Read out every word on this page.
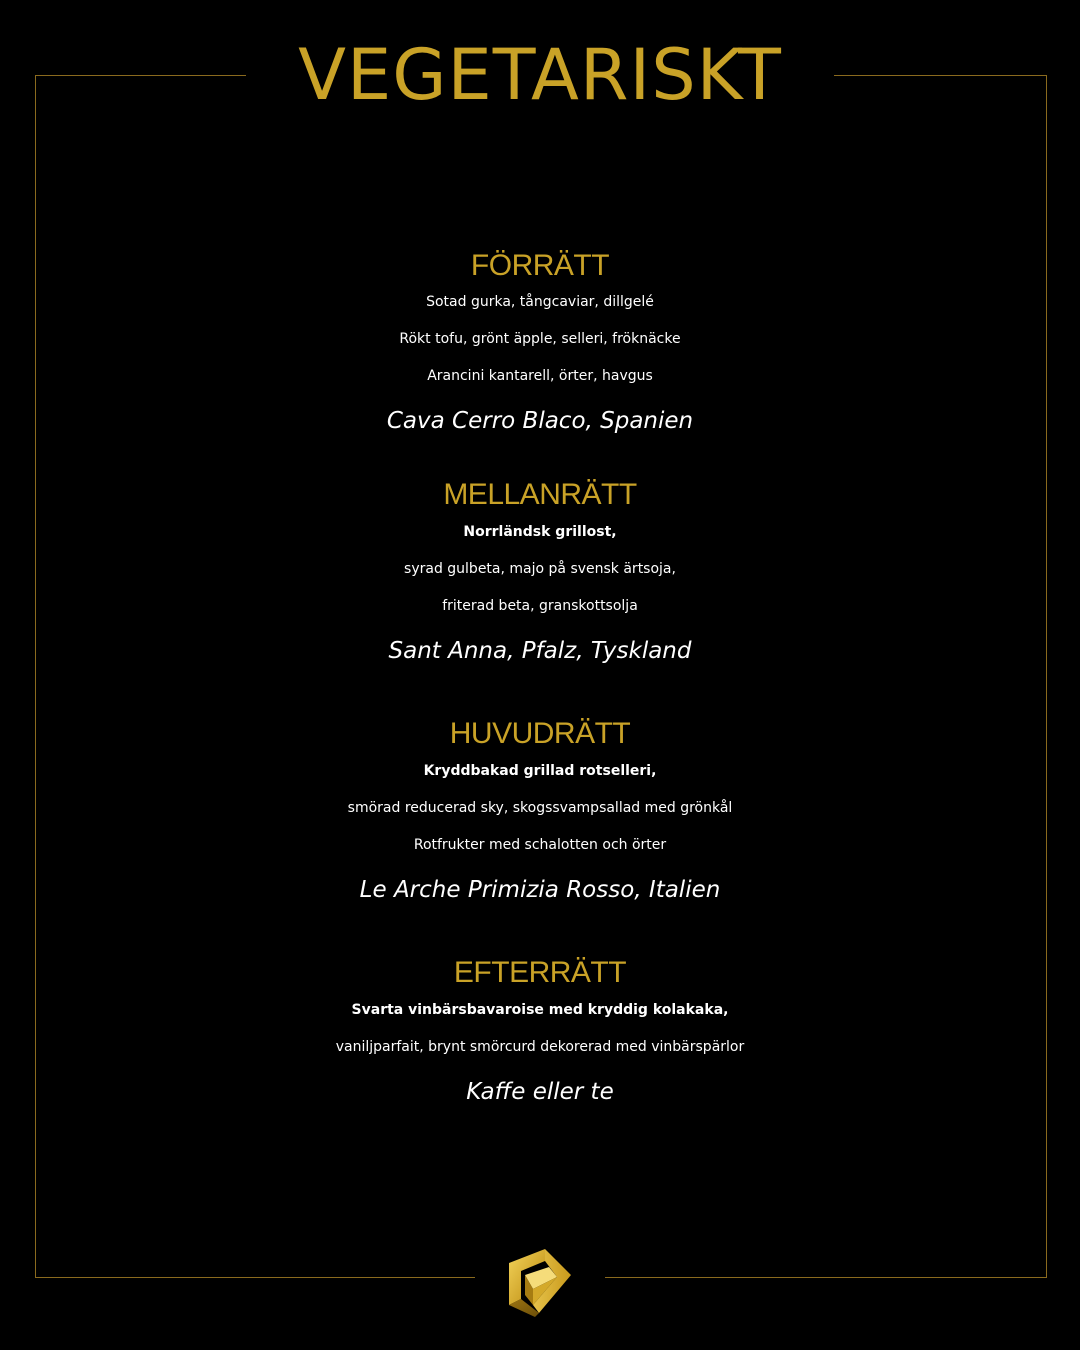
VEGETARISKT
FÖRRÄTT
Sotad gurka, tångcaviar, dillgelé
Rökt tofu, grönt äpple, selleri, fröknäcke
Arancini kantarell, örter, havgus
Cava Cerro Blaco, Spanien
MELLANRÄTT
Norrländsk grillost,
syrad gulbeta, majo på svensk ärtsoja,
friterad beta, granskottsolja
Sant Anna, Pfalz, Tyskland
HUVUDRÄTT
Kryddbakad grillad rotselleri,
smörad reducerad sky, skogssvampsallad med grönkål
Rotfrukter med schalotten och örter
Le Arche Primizia Rosso, Italien
EFTERRÄTT
Svarta vinbärsbavaroise med kryddig kolakaka,
vaniljparfait, brynt smörcurd dekorerad med vinbärspärlor
Kaffe eller te
